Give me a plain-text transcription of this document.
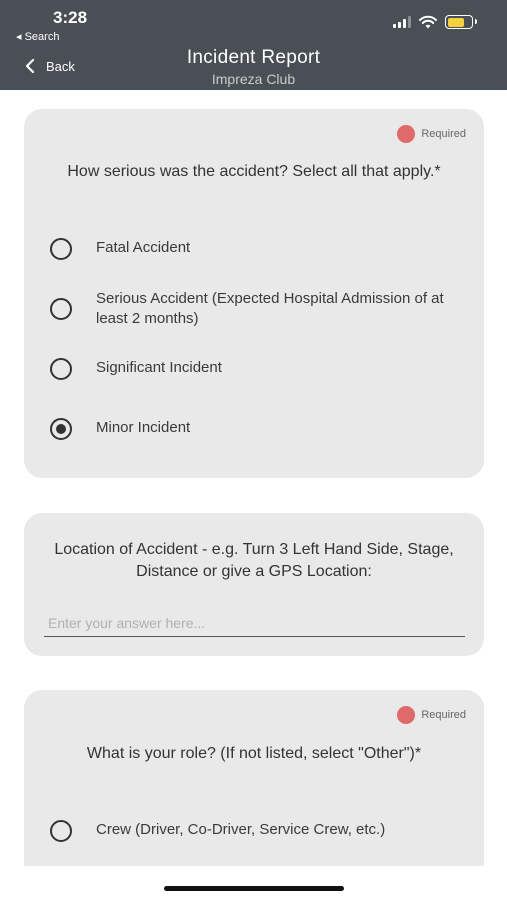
3:28
◂ Search
Back	Incident Report
Impreza Club
Required
How serious was the accident? Select all that apply.*
Fatal Accident
Serious Accident (Expected Hospital Admission of at least 2 months)
Significant Incident
Minor Incident
Location of Accident - e.g. Turn 3 Left Hand Side, Stage, Distance or give a GPS Location:
Enter your answer here...
Required
What is your role? (If not listed, select "Other")*
Crew (Driver, Co-Driver, Service Crew, etc.)
